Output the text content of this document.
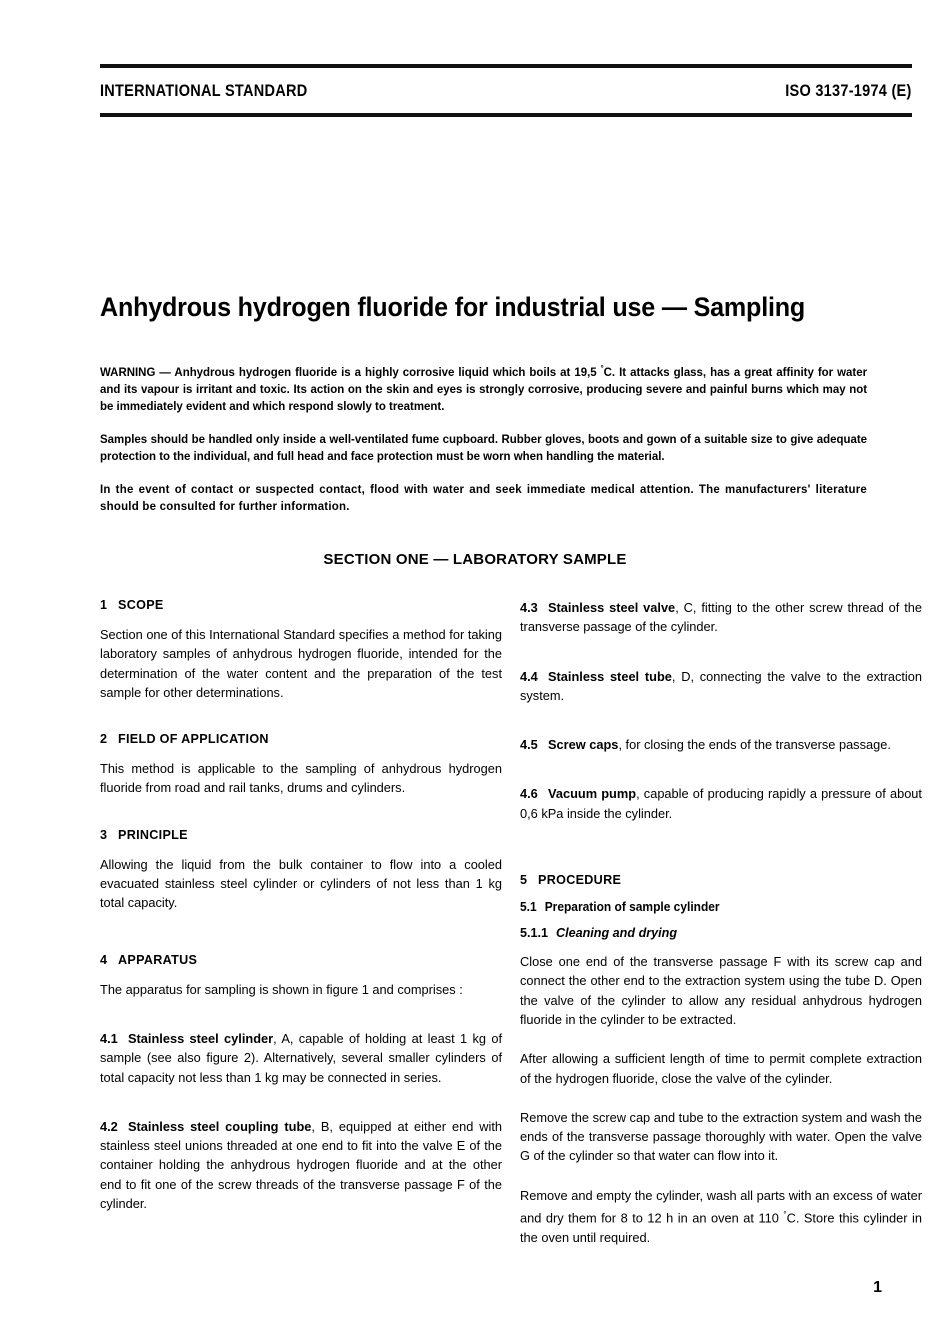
INTERNATIONAL STANDARD	ISO 3137-1974 (E)
Anhydrous hydrogen fluoride for industrial use — Sampling

WARNING — Anhydrous hydrogen fluoride is a highly corrosive liquid which boils at 19,5 °C. It attacks glass, has a great affinity for water and its vapour is irritant and toxic. Its action on the skin and eyes is strongly corrosive, producing severe and painful burns which may not be immediately evident and which respond slowly to treatment.

Samples should be handled only inside a well-ventilated fume cupboard. Rubber gloves, boots and gown of a suitable size to give adequate protection to the individual, and full head and face protection must be worn when handling the material.

In the event of contact or suspected contact, flood with water and seek immediate medical attention. The manufacturers' literature should be consulted for further information.

SECTION ONE — LABORATORY SAMPLE
1 SCOPE

Section one of this International Standard specifies a method for taking laboratory samples of anhydrous hydrogen fluoride, intended for the determination of the water content and the preparation of the test sample for other determinations.

2 FIELD OF APPLICATION

This method is applicable to the sampling of anhydrous hydrogen fluoride from road and rail tanks, drums and cylinders.

3 PRINCIPLE

Allowing the liquid from the bulk container to flow into a cooled evacuated stainless steel cylinder or cylinders of not less than 1 kg total capacity.

4 APPARATUS

The apparatus for sampling is shown in figure 1 and comprises :

4.1 Stainless steel cylinder, A, capable of holding at least 1 kg of sample (see also figure 2). Alternatively, several smaller cylinders of total capacity not less than 1 kg may be connected in series.

4.2 Stainless steel coupling tube, B, equipped at either end with stainless steel unions threaded at one end to fit into the valve E of the container holding the anhydrous hydrogen fluoride and at the other end to fit one of the screw threads of the transverse passage F of the cylinder.

4.3 Stainless steel valve, C, fitting to the other screw thread of the transverse passage of the cylinder.

4.4 Stainless steel tube, D, connecting the valve to the extraction system.

4.5 Screw caps, for closing the ends of the transverse passage.

4.6 Vacuum pump, capable of producing rapidly a pressure of about 0,6 kPa inside the cylinder.

5 PROCEDURE
5.1 Preparation of sample cylinder
5.1.1 Cleaning and drying

Close one end of the transverse passage F with its screw cap and connect the other end to the extraction system using the tube D. Open the valve of the cylinder to allow any residual anhydrous hydrogen fluoride in the cylinder to be extracted.

After allowing a sufficient length of time to permit complete extraction of the hydrogen fluoride, close the valve of the cylinder.

Remove the screw cap and tube to the extraction system and wash the ends of the transverse passage thoroughly with water. Open the valve G of the cylinder so that water can flow into it.

Remove and empty the cylinder, wash all parts with an excess of water and dry them for 8 to 12 h in an oven at 110 °C. Store this cylinder in the oven until required.

1
